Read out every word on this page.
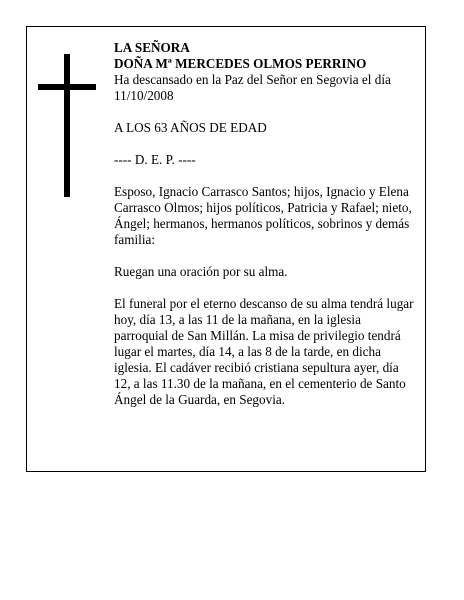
LA SEÑORA

DOÑA Mª MERCEDES OLMOS PERRINO

Ha descansado en la Paz del Señor en Segovia el día 11/10/2008

A LOS 63 AÑOS DE EDAD

---- D. E. P. ----

Esposo, Ignacio Carrasco Santos; hijos, Ignacio y Elena Carrasco Olmos; hijos políticos, Patricia y Rafael; nieto, Ángel; hermanos, hermanos políticos, sobrinos y demás familia:

Ruegan una oración por su alma.

El funeral por el eterno descanso de su alma tendrá lugar hoy, día 13, a las 11 de la mañana, en la iglesia parroquial de San Millán. La misa de privilegio tendrá lugar el martes, día 14, a las 8 de la tarde, en dicha iglesia. El cadáver recibió cristiana sepultura ayer, día 12, a las 11.30 de la mañana, en el cementerio de Santo Ángel de la Guarda, en Segovia.
